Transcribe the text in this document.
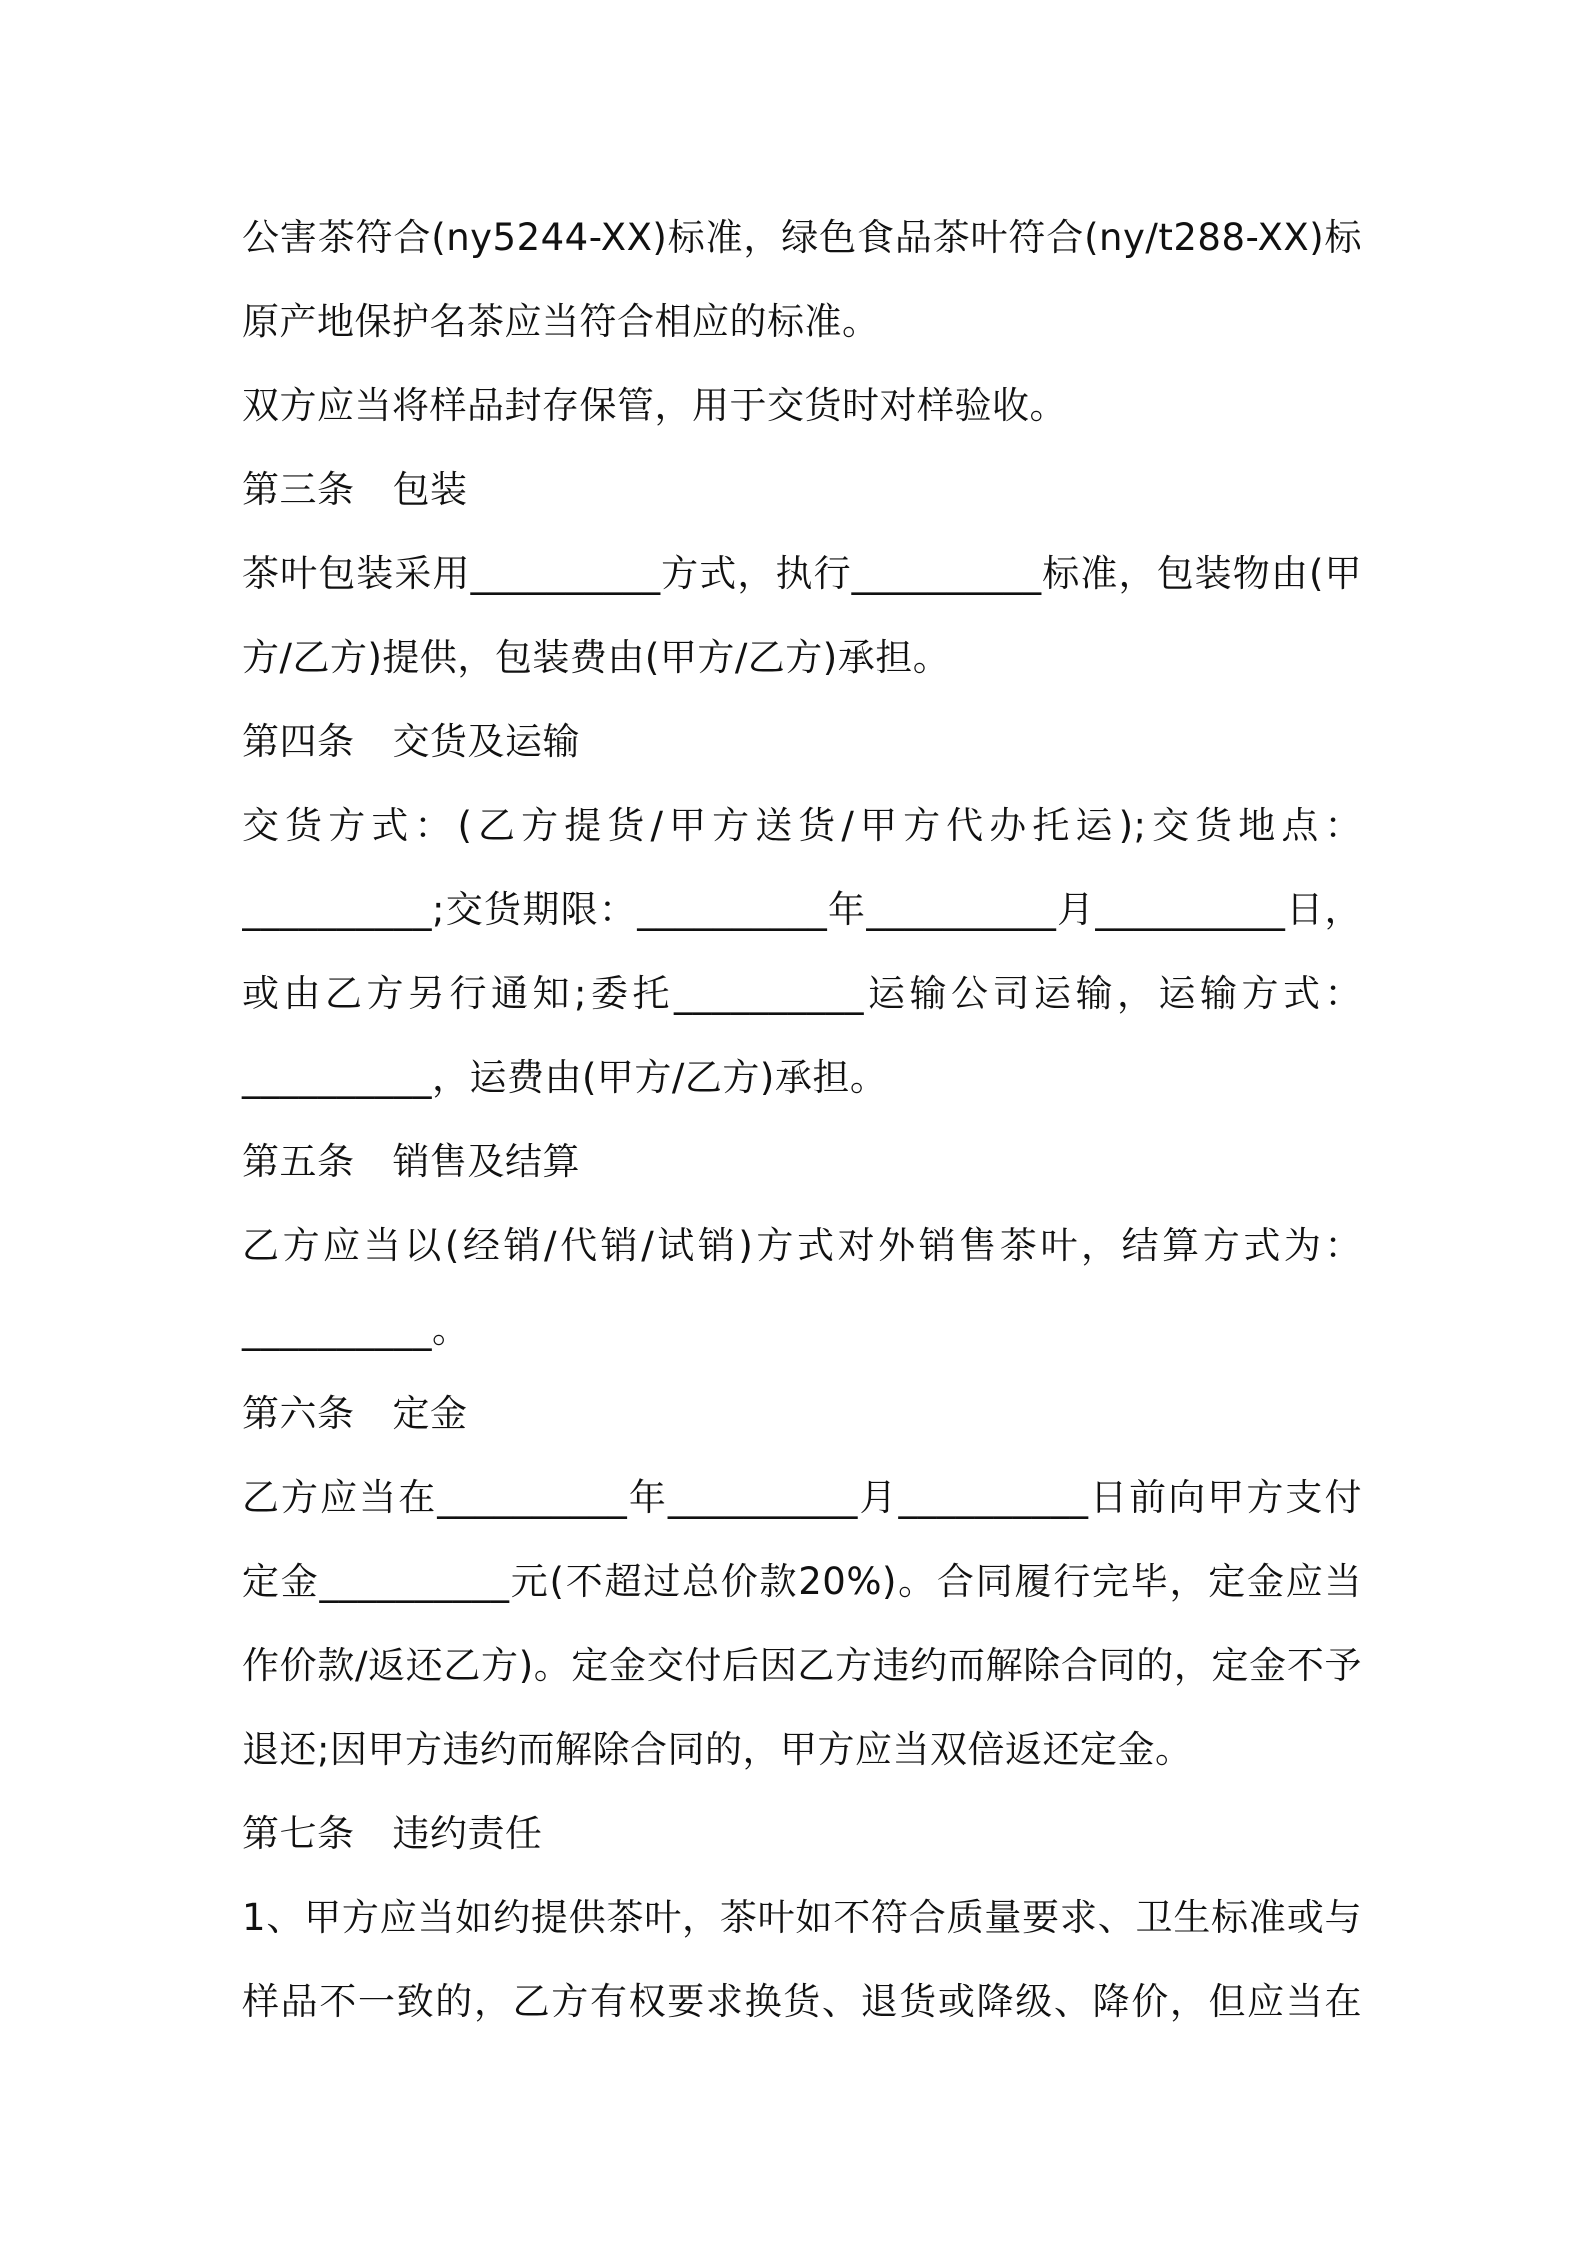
公害茶符合(ny5244-XX)标准，绿色食品茶叶符合(ny/t288-XX)标
原产地保护名茶应当符合相应的标准。
双方应当将样品封存保管，用于交货时对样验收。
第三条 包装
茶叶包装采用__________方式，执行__________标准，包装物由(甲
方/乙方)提供，包装费由(甲方/乙方)承担。
第四条 交货及运输
交货方式：(乙方提货/甲方送货/甲方代办托运);交货地点：
__________;交货期限：__________年__________月__________日，
或由乙方另行通知;委托__________运输公司运输，运输方式：
__________，运费由(甲方/乙方)承担。
第五条 销售及结算
乙方应当以(经销/代销/试销)方式对外销售茶叶，结算方式为：
__________。
第六条 定金
乙方应当在__________年__________月__________日前向甲方支付
定金__________元(不超过总价款20%)。合同履行完毕，定金应当
作价款/返还乙方)。定金交付后因乙方违约而解除合同的，定金不予
退还;因甲方违约而解除合同的，甲方应当双倍返还定金。
第七条 违约责任
1、甲方应当如约提供茶叶，茶叶如不符合质量要求、卫生标准或与
样品不一致的，乙方有权要求换货、退货或降级、降价，但应当在
